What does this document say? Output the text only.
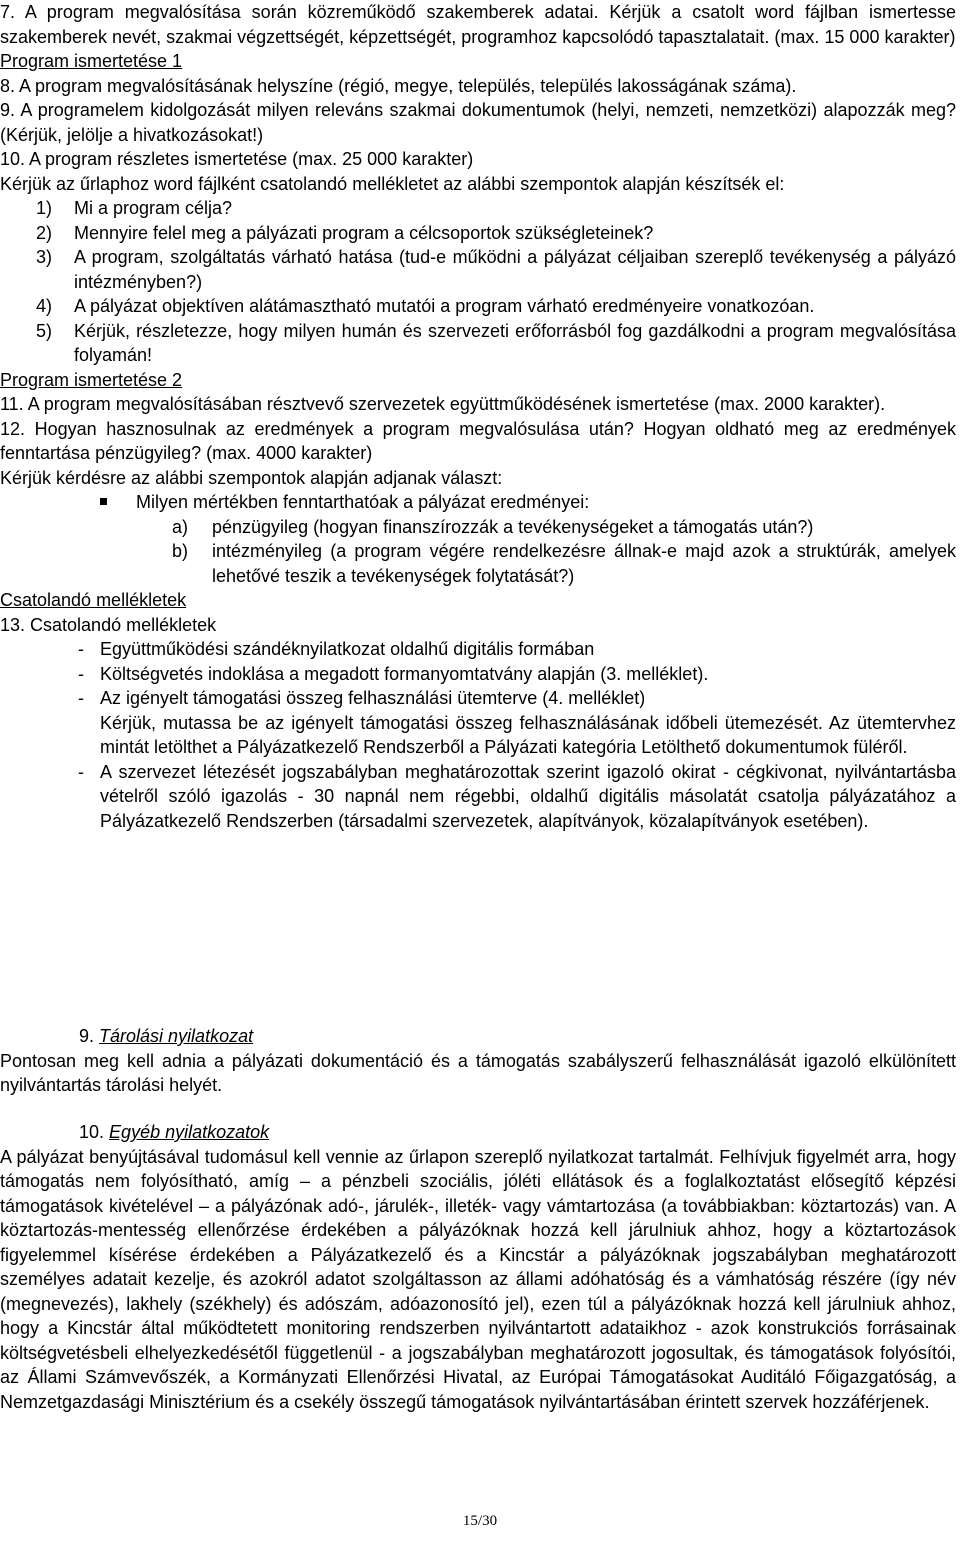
7. A program megvalósítása során közreműködő szakemberek adatai. Kérjük a csatolt word fájlban ismertesse szakemberek nevét, szakmai végzettségét, képzettségét, programhoz kapcsolódó tapasztalatait. (max. 15 000 karakter)

Program ismertetése 1

8. A program megvalósításának helyszíne (régió, megye, település, település lakosságának száma).

9. A programelem kidolgozását milyen releváns szakmai dokumentumok (helyi, nemzeti, nemzetközi) alapozzák meg? (Kérjük, jelölje a hivatkozásokat!)

10. A program részletes ismertetése (max. 25 000 karakter)

Kérjük az űrlaphoz word fájlként csatolandó mellékletet az alábbi szempontok alapján készítsék el:

1)	Mi a program célja?
2)	Mennyire felel meg a pályázati program a célcsoportok szükségleteinek?
3)	A program, szolgáltatás várható hatása (tud-e működni a pályázat céljaiban szereplő tevékenység a pályázó intézményben?)
4)	A pályázat objektíven alátámasztható mutatói a program várható eredményeire vonatkozóan.
5)	Kérjük, részletezze, hogy milyen humán és szervezeti erőforrásból fog gazdálkodni a program megvalósítása folyamán!

Program ismertetése 2

11. A program megvalósításában résztvevő szervezetek együttműködésének ismertetése (max. 2000 karakter).

12. Hogyan hasznosulnak az eredmények a program megvalósulása után? Hogyan oldható meg az eredmények fenntartása pénzügyileg? (max. 4000 karakter)

Kérjük kérdésre az alábbi szempontok alapján adjanak választ:

Milyen mértékben fenntarthatóak a pályázat eredményei:
a)	pénzügyileg (hogyan finanszírozzák a tevékenységeket a támogatás után?)
b)	intézményileg (a program végére rendelkezésre állnak-e majd azok a struktúrák, amelyek lehetővé teszik a tevékenységek folytatását?)

Csatolandó mellékletek

13. Csatolandó mellékletek

- Együttműködési szándéknyilatkozat oldalhű digitális formában
- Költségvetés indoklása a megadott formanyomtatvány alapján (3. melléklet).
- Az igényelt támogatási összeg felhasználási ütemterve (4. melléklet)
Kérjük, mutassa be az igényelt támogatási összeg felhasználásának időbeli ütemezését. Az ütemtervhez mintát letölthet a Pályázatkezelő Rendszerből a Pályázati kategória Letölthető dokumentumok füléről.
- A szervezet létezését jogszabályban meghatározottak szerint igazoló okirat - cégkivonat, nyilvántartásba vételről szóló igazolás - 30 napnál nem régebbi, oldalhű digitális másolatát csatolja pályázatához a Pályázatkezelő Rendszerben (társadalmi szervezetek, alapítványok, közalapítványok esetében).

9. Tárolási nyilatkozat

Pontosan meg kell adnia a pályázati dokumentáció és a támogatás szabályszerű felhasználását igazoló elkülönített nyilvántartás tárolási helyét.

10. Egyéb nyilatkozatok

A pályázat benyújtásával tudomásul kell vennie az űrlapon szereplő nyilatkozat tartalmát. Felhívjuk figyelmét arra, hogy támogatás nem folyósítható, amíg – a pénzbeli szociális, jóléti ellátások és a foglalkoztatást elősegítő képzési támogatások kivételével – a pályázónak adó-, járulék-, illeték- vagy vámtartozása (a továbbiakban: köztartozás) van. A köztartozás-mentesség ellenőrzése érdekében a pályázóknak hozzá kell járulniuk ahhoz, hogy a köztartozások figyelemmel kísérése érdekében a Pályázatkezelő és a Kincstár a pályázóknak jogszabályban meghatározott személyes adatait kezelje, és azokról adatot szolgáltasson az állami adóhatóság és a vámhatóság részére (így név (megnevezés), lakhely (székhely) és adószám, adóazonosító jel), ezen túl a pályázóknak hozzá kell járulniuk ahhoz, hogy a Kincstár által működtetett monitoring rendszerben nyilvántartott adataikhoz - azok konstrukciós forrásainak költségvetésbeli elhelyezkedésétől függetlenül - a jogszabályban meghatározott jogosultak, és támogatások folyósítói, az Állami Számvevőszék, a Kormányzati Ellenőrzési Hivatal, az Európai Támogatásokat Auditáló Főigazgatóság, a Nemzetgazdasági Minisztérium és a csekély összegű támogatások nyilvántartásában érintett szervek hozzáférjenek.

15/30
